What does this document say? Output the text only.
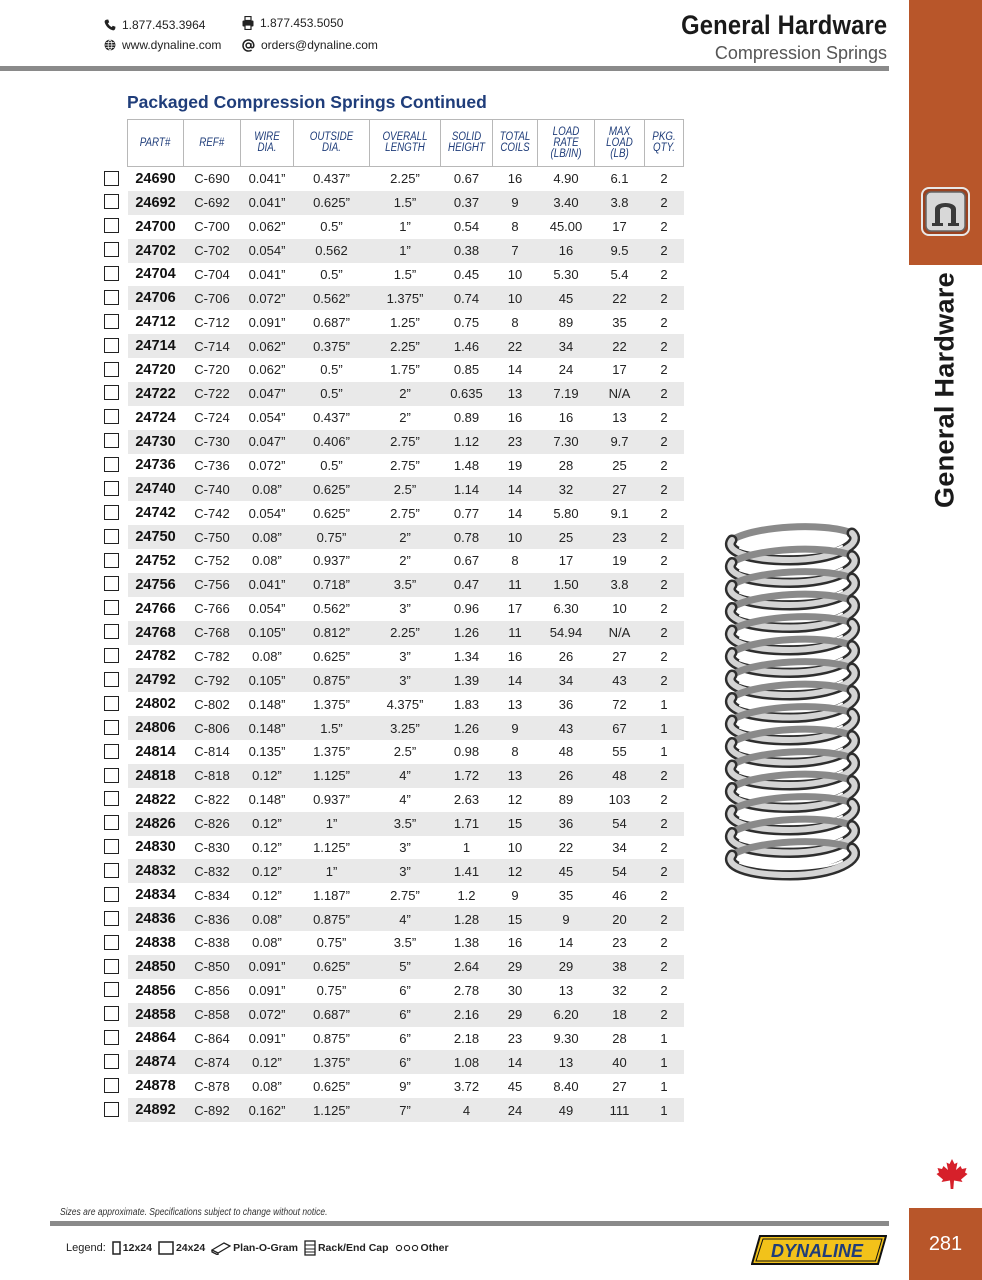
1.877.453.3964	1.877.453.5050
www.dynaline.com	orders@dynaline.com
General Hardware
Compression Springs
General Hardware
Packaged Compression Springs Continued
PART#	REF#	WIRE DIA.	OUTSIDE DIA.	OVERALL LENGTH	SOLID HEIGHT	TOTAL COILS	LOAD RATE (LB/IN)	MAX LOAD (LB)	PKG. QTY.
24690	C-690	0.041”	0.437”	2.25”	0.67	16	4.90	6.1	2
24692	C-692	0.041”	0.625”	1.5”	0.37	9	3.40	3.8	2
24700	C-700	0.062”	0.5”	1”	0.54	8	45.00	17	2
24702	C-702	0.054”	0.562	1”	0.38	7	16	9.5	2
24704	C-704	0.041”	0.5”	1.5”	0.45	10	5.30	5.4	2
24706	C-706	0.072”	0.562”	1.375”	0.74	10	45	22	2
24712	C-712	0.091”	0.687”	1.25”	0.75	8	89	35	2
24714	C-714	0.062”	0.375”	2.25”	1.46	22	34	22	2
24720	C-720	0.062”	0.5”	1.75”	0.85	14	24	17	2
24722	C-722	0.047”	0.5”	2”	0.635	13	7.19	N/A	2
24724	C-724	0.054”	0.437”	2”	0.89	16	16	13	2
24730	C-730	0.047”	0.406”	2.75”	1.12	23	7.30	9.7	2
24736	C-736	0.072”	0.5”	2.75”	1.48	19	28	25	2
24740	C-740	0.08”	0.625”	2.5”	1.14	14	32	27	2
24742	C-742	0.054”	0.625”	2.75”	0.77	14	5.80	9.1	2
24750	C-750	0.08”	0.75”	2”	0.78	10	25	23	2
24752	C-752	0.08”	0.937”	2”	0.67	8	17	19	2
24756	C-756	0.041”	0.718”	3.5”	0.47	11	1.50	3.8	2
24766	C-766	0.054”	0.562”	3”	0.96	17	6.30	10	2
24768	C-768	0.105”	0.812”	2.25”	1.26	11	54.94	N/A	2
24782	C-782	0.08”	0.625”	3”	1.34	16	26	27	2
24792	C-792	0.105”	0.875”	3”	1.39	14	34	43	2
24802	C-802	0.148”	1.375”	4.375”	1.83	13	36	72	1
24806	C-806	0.148”	1.5”	3.25”	1.26	9	43	67	1
24814	C-814	0.135”	1.375”	2.5”	0.98	8	48	55	1
24818	C-818	0.12”	1.125”	4”	1.72	13	26	48	2
24822	C-822	0.148”	0.937”	4”	2.63	12	89	103	2
24826	C-826	0.12”	1”	3.5”	1.71	15	36	54	2
24830	C-830	0.12”	1.125”	3”	1	10	22	34	2
24832	C-832	0.12”	1”	3”	1.41	12	45	54	2
24834	C-834	0.12”	1.187”	2.75”	1.2	9	35	46	2
24836	C-836	0.08”	0.875”	4”	1.28	15	9	20	2
24838	C-838	0.08”	0.75”	3.5”	1.38	16	14	23	2
24850	C-850	0.091”	0.625”	5”	2.64	29	29	38	2
24856	C-856	0.091”	0.75”	6”	2.78	30	13	32	2
24858	C-858	0.072”	0.687”	6”	2.16	29	6.20	18	2
24864	C-864	0.091”	0.875”	6”	2.18	23	9.30	28	1
24874	C-874	0.12”	1.375”	6”	1.08	14	13	40	1
24878	C-878	0.08”	0.625”	9”	3.72	45	8.40	27	1
24892	C-892	0.162”	1.125”	7”	4	24	49	111	1
Sizes are approximate. Specifications subject to change without notice.
Legend: 12x24 24x24	Plan-O-Gram Rack/End Cap	Other	DYNALINE	281
